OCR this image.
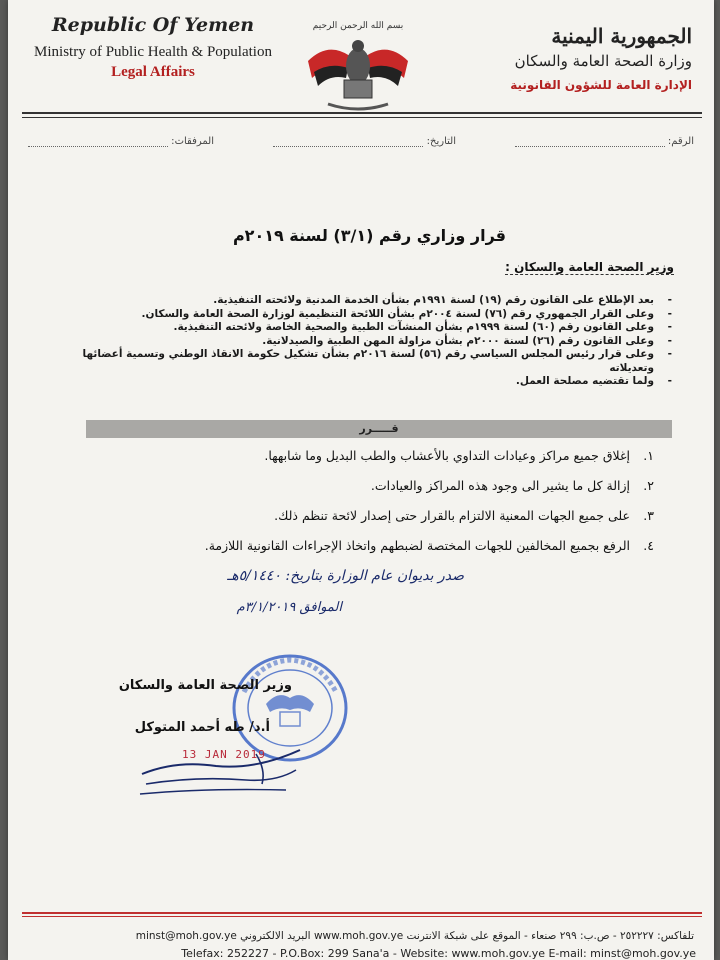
Republic Of Yemen
Ministry of Public Health & Population
Legal Affairs
بسم الله الرحمن الرحيم	الجمهورية اليمنية
وزارة الصحة العامة والسكان
الإدارة العامة للشؤون القانونية
الرقم:
التاريخ:
المرفقات:
قرار وزاري رقم (٣/١) لسنة ٢٠١٩م
وزير الصحة العامة والسكان :
- بعد الإطلاع على القانون رقم (١٩) لسنة ١٩٩١م بشأن الخدمة المدنية ولائحته التنفيذية.
- وعلى القرار الجمهوري رقم (٧٦) لسنة ٢٠٠٤م بشأن اللائحة التنظيمية لوزارة الصحة العامة والسكان.
- وعلى القانون رقم (٦٠) لسنة ١٩٩٩م بشأن المنشآت الطبية والصحية الخاصة ولائحته التنفيذية.
- وعلى القانون رقم (٢٦) لسنة ٢٠٠٠م بشأن مزاولة المهن الطبية والصيدلانية.
- وعلى قرار رئيس المجلس السياسي رقم (٥٦) لسنة ٢٠١٦م بشأن تشكيل حكومة الانقاذ الوطني وتسمية أعضائها وتعديلاته
- ولما تقتضيه مصلحة العمل.
قـــــرر
١.
إغلاق جميع مراكز وعيادات التداوي بالأعشاب والطب البديل وما شابهها.
٢.
إزالة كل ما يشير الى وجود هذه المراكز والعيادات.
٣.
على جميع الجهات المعنية الالتزام بالقرار حتى إصدار لائحة تنظم ذلك.
٤.
الرفع بجميع المخالفين للجهات المختصة لضبطهم واتخاذ الإجراءات القانونية اللازمة.
صدر بديوان عام الوزارة بتاريخ: ٥/١٤٤٠هـ
الموافق ٣/١/٢٠١٩م
وزير الصحة العامة والسكان
أ.د/ طه أحمد المتوكل
13 JAN 2019
تلفاكس: ٢٥٢٢٢٧ - ص.ب: ٢٩٩ صنعاء - الموقع على شبكة الانترنت www.moh.gov.ye البريد الالكتروني minst@moh.gov.ye
Telefax: 252227 - P.O.Box: 299 Sana'a - Website: www.moh.gov.ye E-mail: minst@moh.gov.ye
